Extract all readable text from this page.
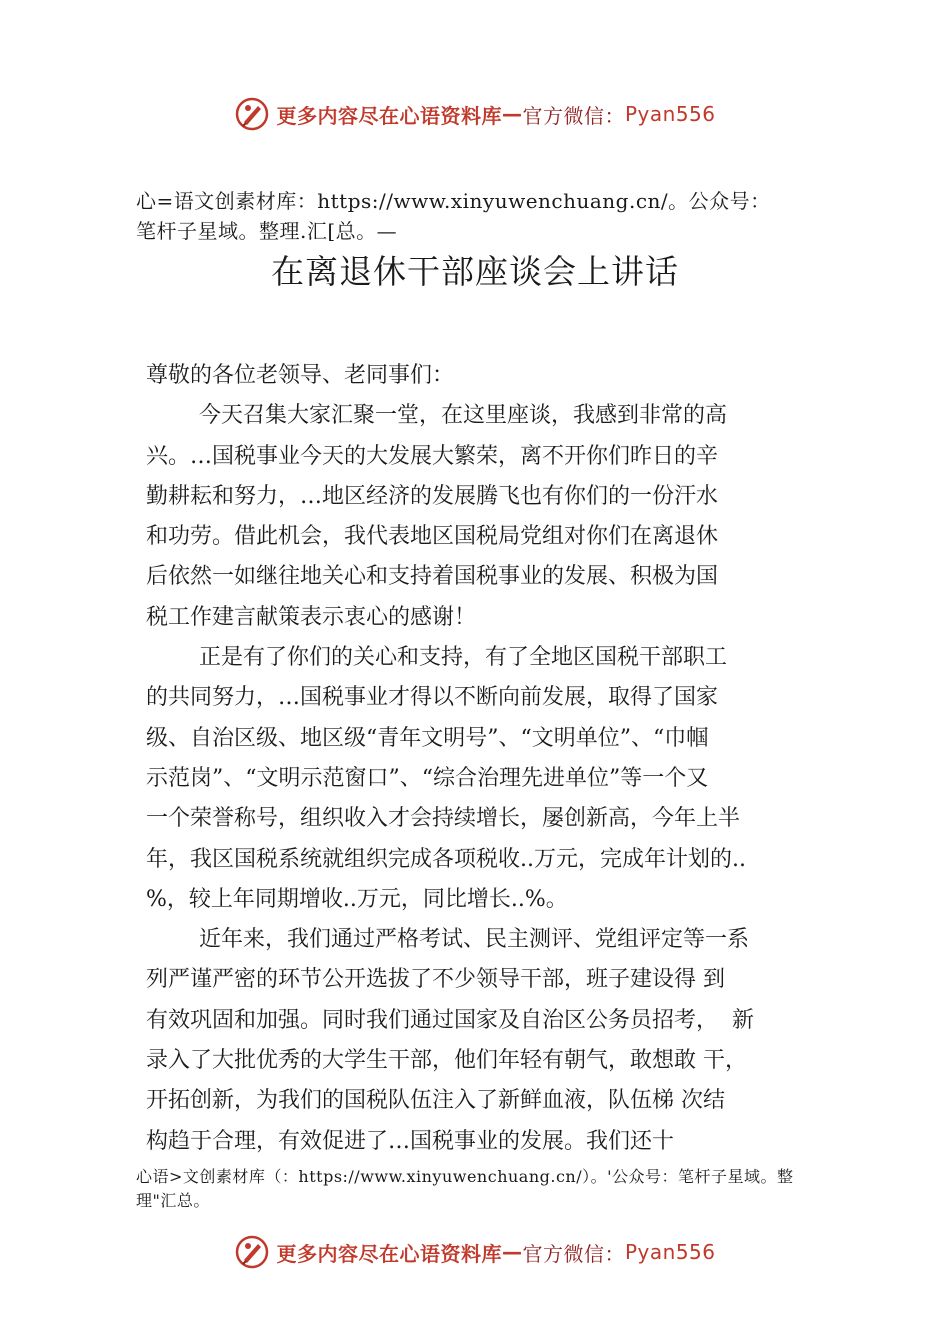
更多内容尽在心语资料库 — 官方微信： Pyan556
心=语文创素材库：https://www.xinyuwenchuang.cn/。公众号：
笔杆子星域。整理.汇[总。—
在离退休干部座谈会上讲话
尊敬的各位老领导、老同事们：
今天召集大家汇聚一堂，在这里座谈，我感到非常的高
兴。…国税事业今天的大发展大繁荣，离不开你们昨日的辛
勤耕耘和努力，…地区经济的发展腾飞也有你们的一份汗水
和功劳。借此机会，我代表地区国税局党组对你们在离退休
后依然一如继往地关心和支持着国税事业的发展、积极为国
税工作建言献策表示衷心的感谢！
正是有了你们的关心和支持，有了全地区国税干部职工
的共同努力，…国税事业才得以不断向前发展，取得了国家
级、自治区级、地区级“青年文明号”、“文明单位”、“巾帼
示范岗”、“文明示范窗口”、“综合治理先进单位”等一个又
一个荣誉称号，组织收入才会持续增长，屡创新高，今年上半
年，我区国税系统就组织完成各项税收..万元，完成年计划的..
%，较上年同期增收..万元，同比增长..%。
近年来，我们通过严格考试、民主测评、党组评定等一系
列严谨严密的环节公开选拔了不少领导干部，班子建设得 到
有效巩固和加强。同时我们通过国家及自治区公务员招考，  新
录入了大批优秀的大学生干部，他们年轻有朝气，敢想敢 干，
开拓创新，为我们的国税队伍注入了新鲜血液，队伍梯 次结
构趋于合理，有效促进了…国税事业的发展。我们还十
心语>文创素材库（：https://www.xinyuwenchuang.cn/）。'公众号：笔杆子星域。整
理"汇总。
更多内容尽在心语资料库 — 官方微信： Pyan556
